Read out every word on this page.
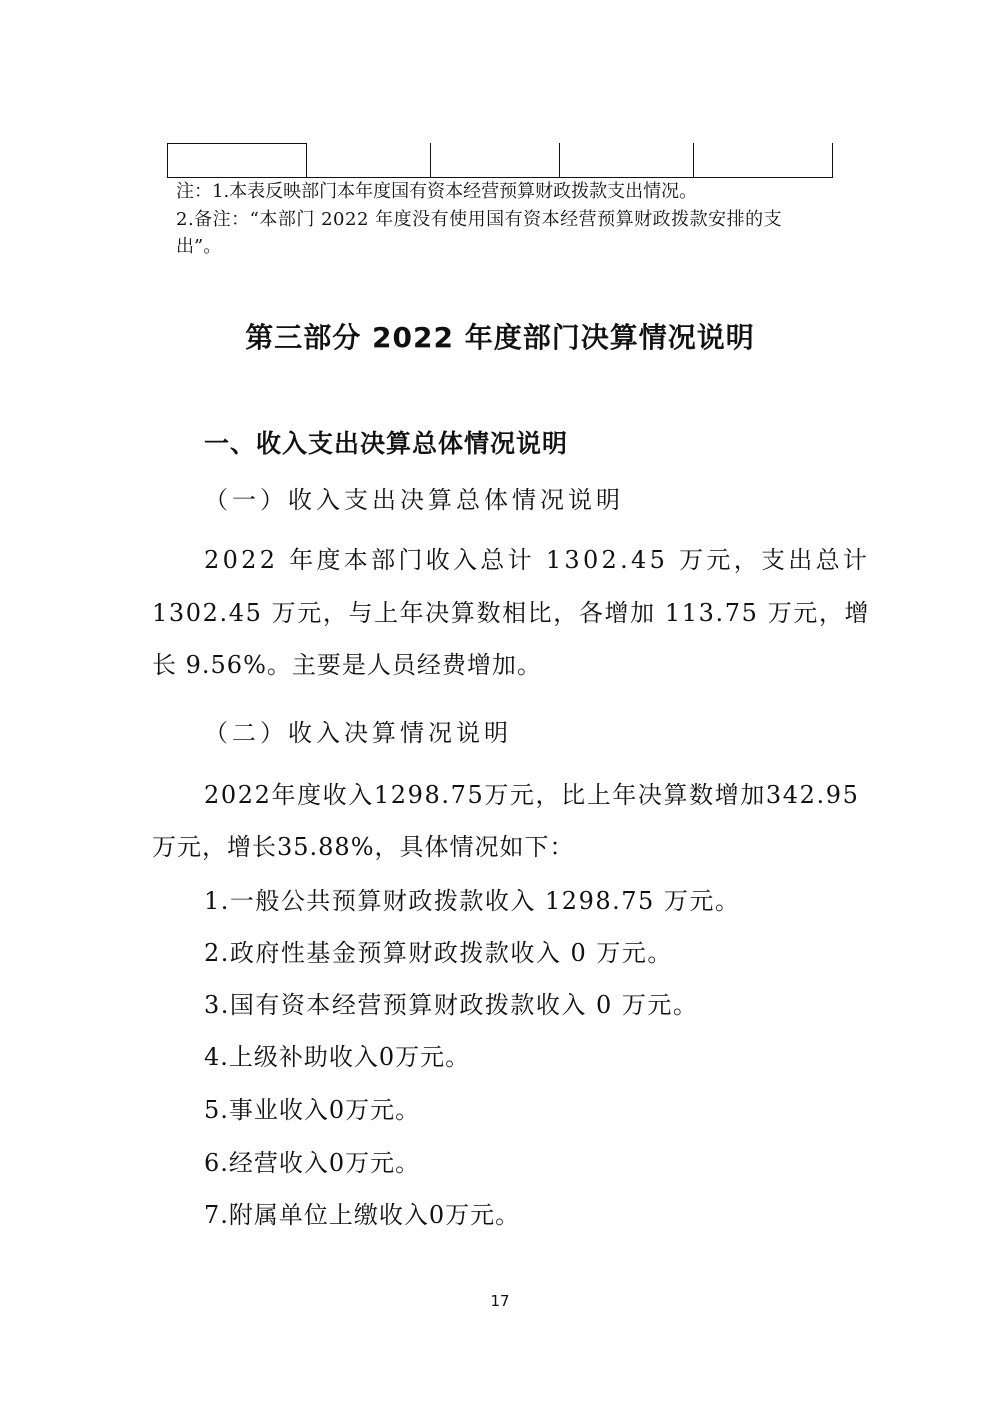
注：1.本表反映部门本年度国有资本经营预算财政拨款支出情况。

2.备注：“本部门 2022 年度没有使用国有资本经营预算财政拨款安排的支

出”。

第三部分 2022 年度部门决算情况说明
一、收入支出决算总体情况说明

（一）收入支出决算总体情况说明

2022 年度本部门收入总计 1302.45 万元，支出总计

1302.45 万元，与上年决算数相比，各增加 113.75 万元，增

长 9.56%。主要是人员经费增加。

（二）收入决算情况说明

2022年度收入1298.75万元，比上年决算数增加342.95

万元，增长35.88%，具体情况如下：

1.一般公共预算财政拨款收入 1298.75 万元。

2.政府性基金预算财政拨款收入 0 万元。

3.国有资本经营预算财政拨款收入 0 万元。

4.上级补助收入0万元。

5.事业收入0万元。

6.经营收入0万元。

7.附属单位上缴收入0万元。

17
